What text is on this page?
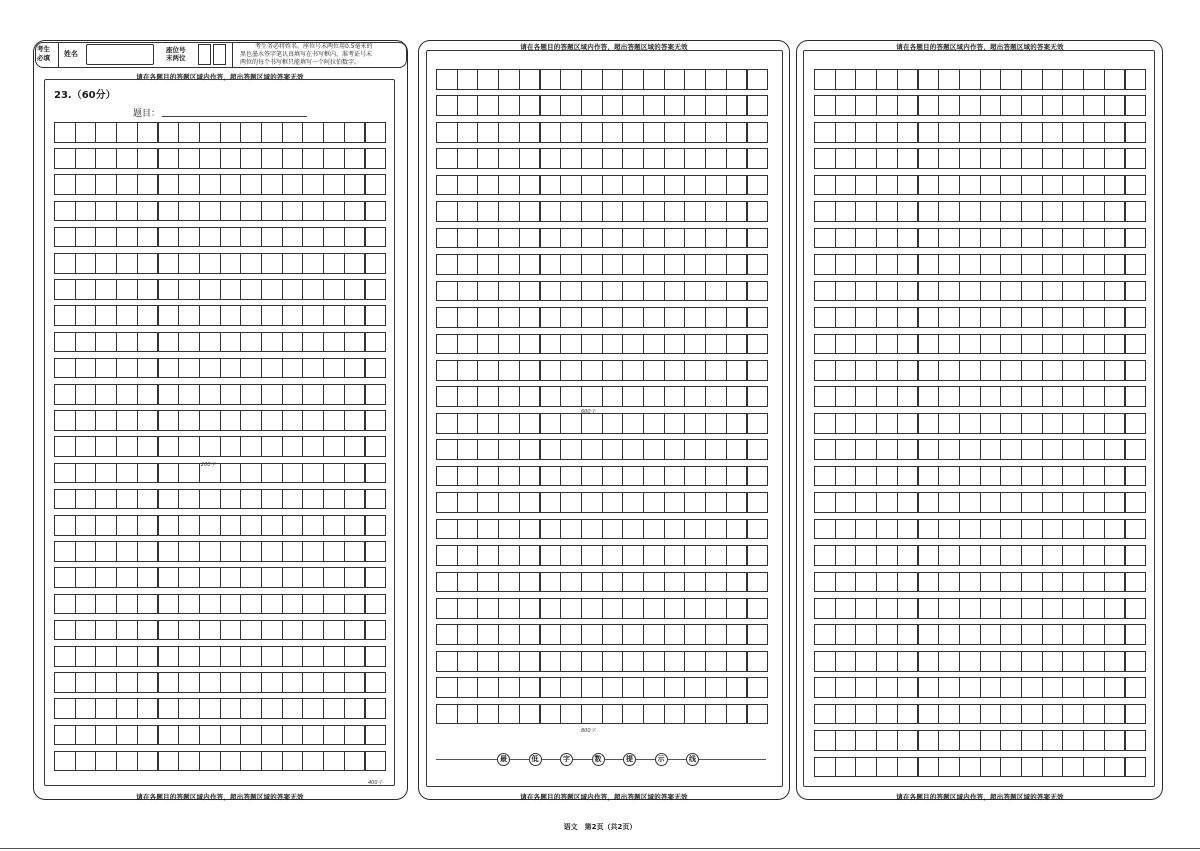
考生
必填	姓名	座位号
末两位
考生务必将姓名、座位号末两位用0.5毫米的
黑色墨水签字笔认真填写在书写框内，准考证号末
两位的每个书写框只能填写一个阿拉伯数字。
请在各题目的答题区域内作答，超出答题区域的答案无效
23.（60分）
题目：
200字
400字
请在各题目的答题区域内作答，超出答题区域的答案无效
请在各题目的答题区域内作答，超出答题区域的答案无效
600字
800字
最	低	字	数	提	示	线
请在各题目的答题区域内作答，超出答题区域的答案无效
请在各题目的答题区域内作答，超出答题区域的答案无效
请在各题目的答题区域内作答，超出答题区域的答案无效
语文　第2页（共2页）
